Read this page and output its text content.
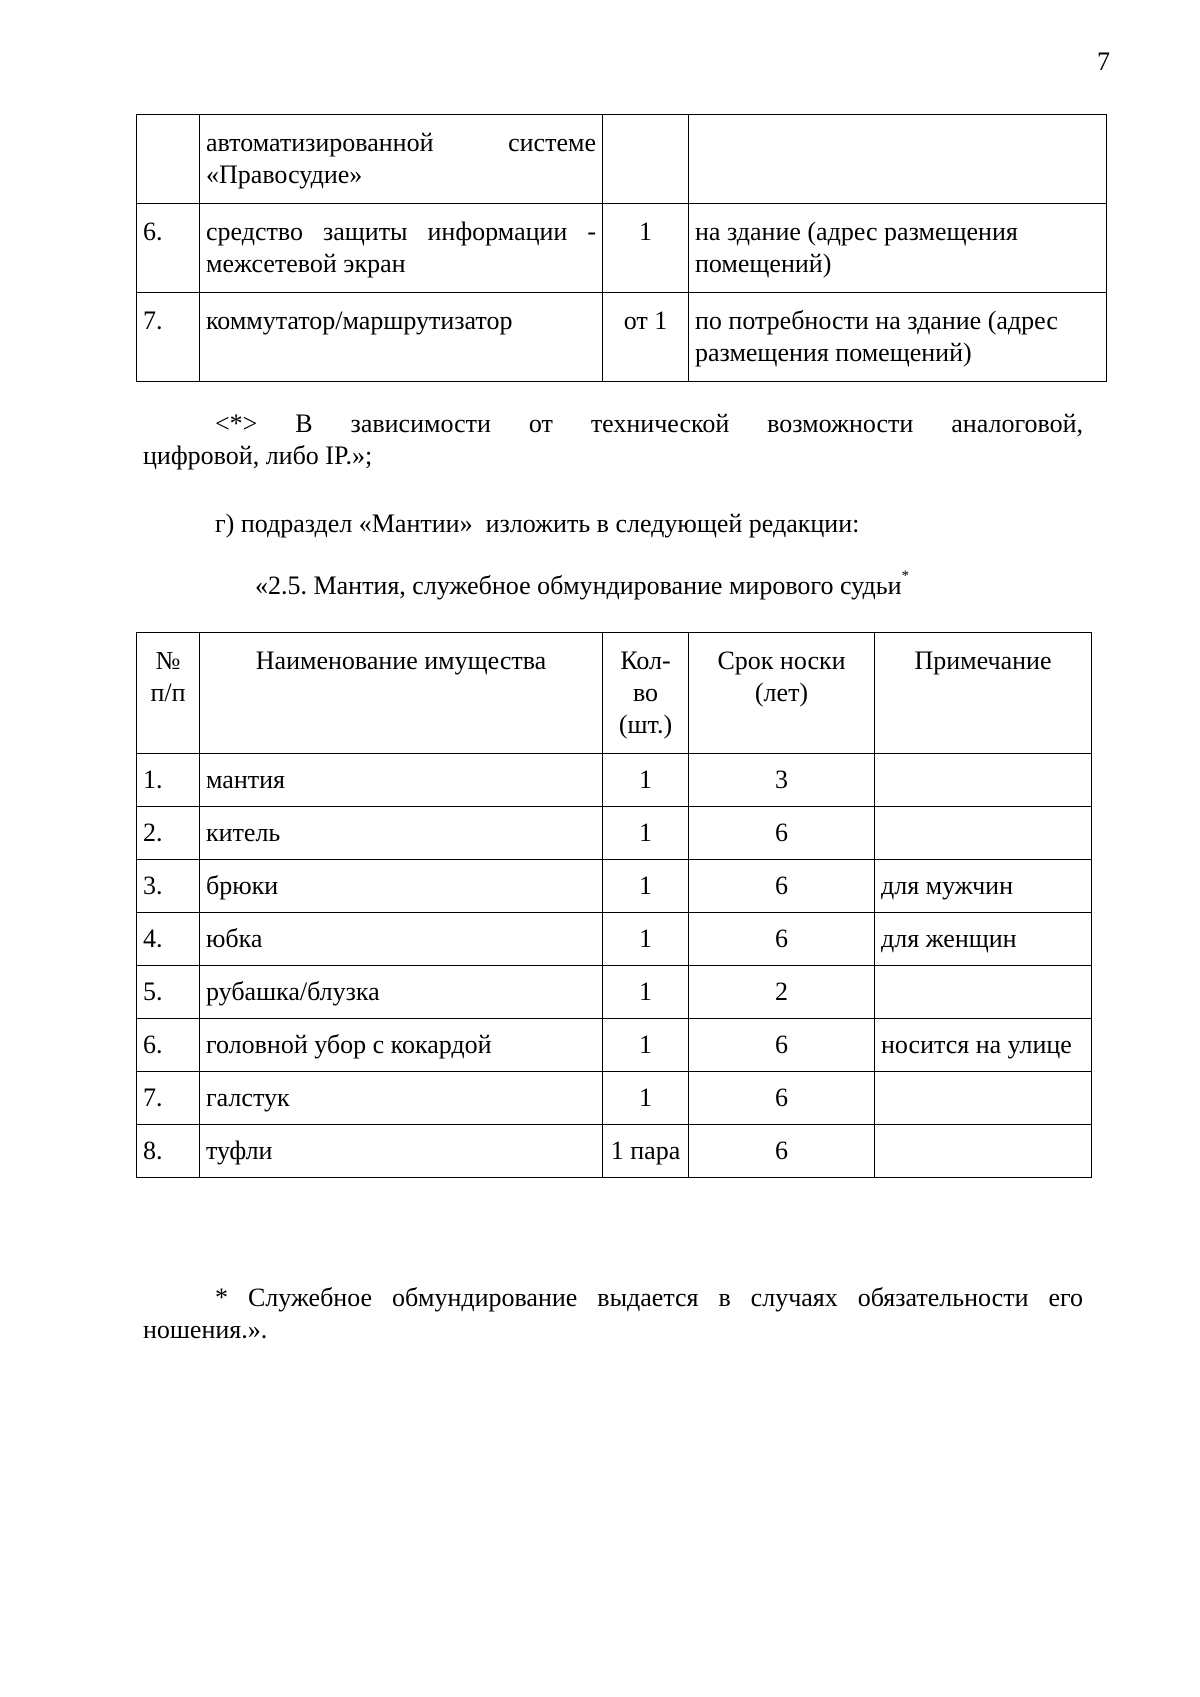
7

	автоматизированной системе
«Правосудие»		

6.	средство защиты информации -
межсетевой экран	1	на здание (адрес размещения помещений)
7.	коммутатор/маршрутизатор	от 1	по потребности на здание (адрес размещения помещений)
<*> В зависимости от технической возможности аналоговой,
цифровой, либо IP.»;
г) подраздел «Мантии»  изложить в следующей редакции:
«2.5. Мантия, служебное обмундирование мирового судьи*
№ п/п	Наименование имущества	Кол-во (шт.)	Срок носки (лет)	Примечание
1.	мантия	1	3	
2.	китель	1	6	
3.	брюки	1	6	для мужчин
4.	юбка	1	6	для женщин
5.	рубашка/блузка	1	2	
6.	головной убор с кокардой	1	6	носится на улице
7.	галстук	1	6	
8.	туфли	1 пара	6	
* Служебное обмундирование выдается в случаях обязательности его
ношения.».
